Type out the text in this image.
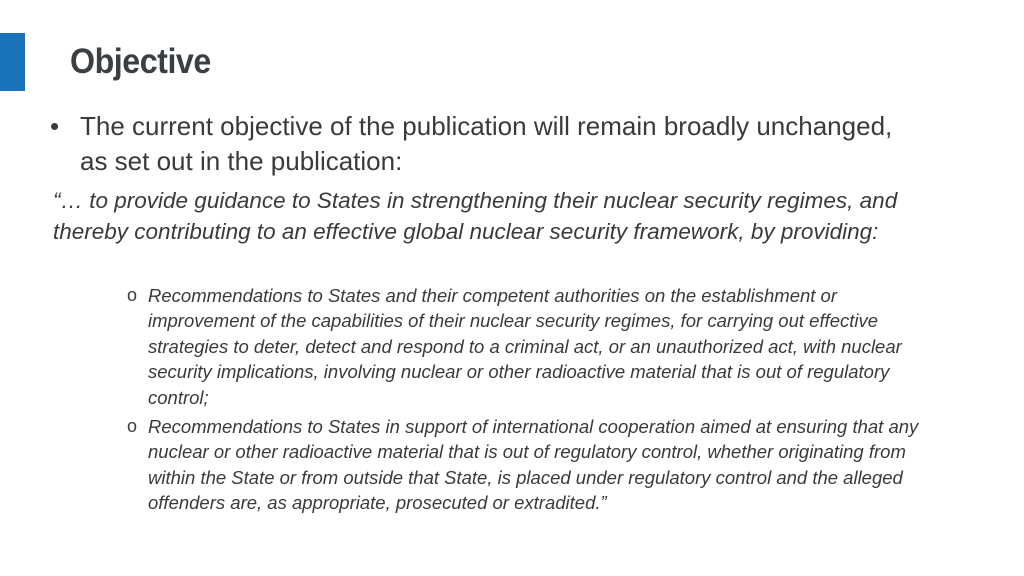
Objective
• The current objective of the publication will remain broadly unchanged, as set out in the publication:
“… to provide guidance to States in strengthening their nuclear security regimes, and thereby contributing to an effective global nuclear security framework, by providing:
o Recommendations to States and their competent authorities on the establishment or improvement of the capabilities of their nuclear security regimes, for carrying out effective strategies to deter, detect and respond to a criminal act, or an unauthorized act, with nuclear security implications, involving nuclear or other radioactive material that is out of regulatory control;
o Recommendations to States in support of international cooperation aimed at ensuring that any nuclear or other radioactive material that is out of regulatory control, whether originating from within the State or from outside that State, is placed under regulatory control and the alleged offenders are, as appropriate, prosecuted or extradited.”
